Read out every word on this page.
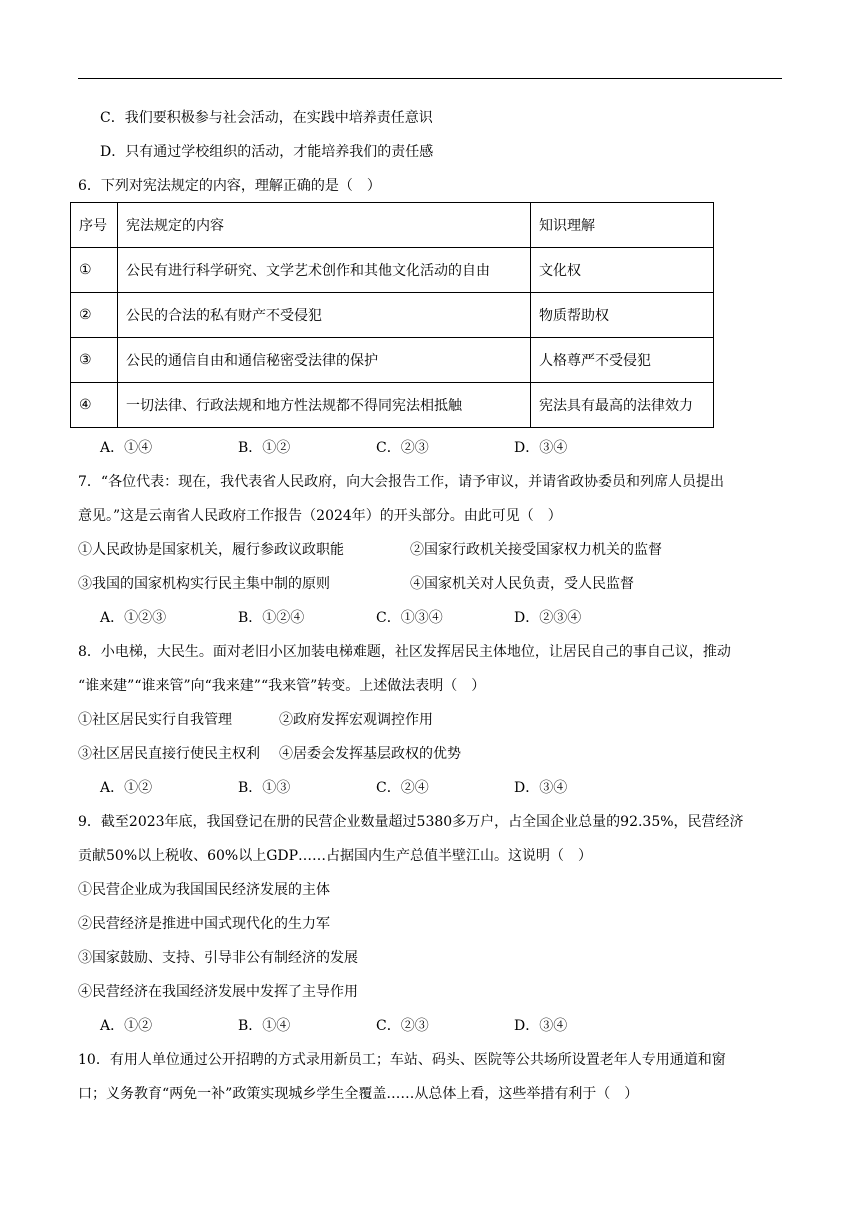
C．我们要积极参与社会活动，在实践中培养责任意识

D．只有通过学校组织的活动，才能培养我们的责任感

6．下列对宪法规定的内容，理解正确的是（　）

序号	宪法规定的内容	知识理解
①	公民有进行科学研究、文学艺术创作和其他文化活动的自由	文化权
②	公民的合法的私有财产不受侵犯	物质帮助权
③	公民的通信自由和通信秘密受法律的保护	人格尊严不受侵犯
④	一切法律、行政法规和地方性法规都不得同宪法相抵触	宪法具有最高的法律效力

A．①④	B．①②	C．②③	D．③④

7．“各位代表：现在，我代表省人民政府，向大会报告工作，请予审议，并请省政协委员和列席人员提出

意见。”这是云南省人民政府工作报告（2024年）的开头部分。由此可见（　）

①人民政协是国家机关，履行参政议政职能	②国家行政机关接受国家权力机关的监督

③我国的国家机构实行民主集中制的原则	④国家机关对人民负责，受人民监督

A．①②③	B．①②④	C．①③④	D．②③④

8．小电梯，大民生。面对老旧小区加装电梯难题，社区发挥居民主体地位，让居民自己的事自己议，推动

“谁来建”“谁来管”向“我来建”“我来管”转变。上述做法表明（　）

①社区居民实行自我管理	②政府发挥宏观调控作用

③社区居民直接行使民主权利 ④居委会发挥基层政权的优势

A．①②	B．①③	C．②④	D．③④

9．截至2023年底，我国登记在册的民营企业数量超过5380多万户，占全国企业总量的92.35%，民营经济

贡献50%以上税收、60%以上GDP……占据国内生产总值半壁江山。这说明（　）

①民营企业成为我国国民经济发展的主体

②民营经济是推进中国式现代化的生力军

③国家鼓励、支持、引导非公有制经济的发展

④民营经济在我国经济发展中发挥了主导作用

A．①②	B．①④	C．②③	D．③④

10．有用人单位通过公开招聘的方式录用新员工；车站、码头、医院等公共场所设置老年人专用通道和窗

口；义务教育“两免一补”政策实现城乡学生全覆盖……从总体上看，这些举措有利于（　）
